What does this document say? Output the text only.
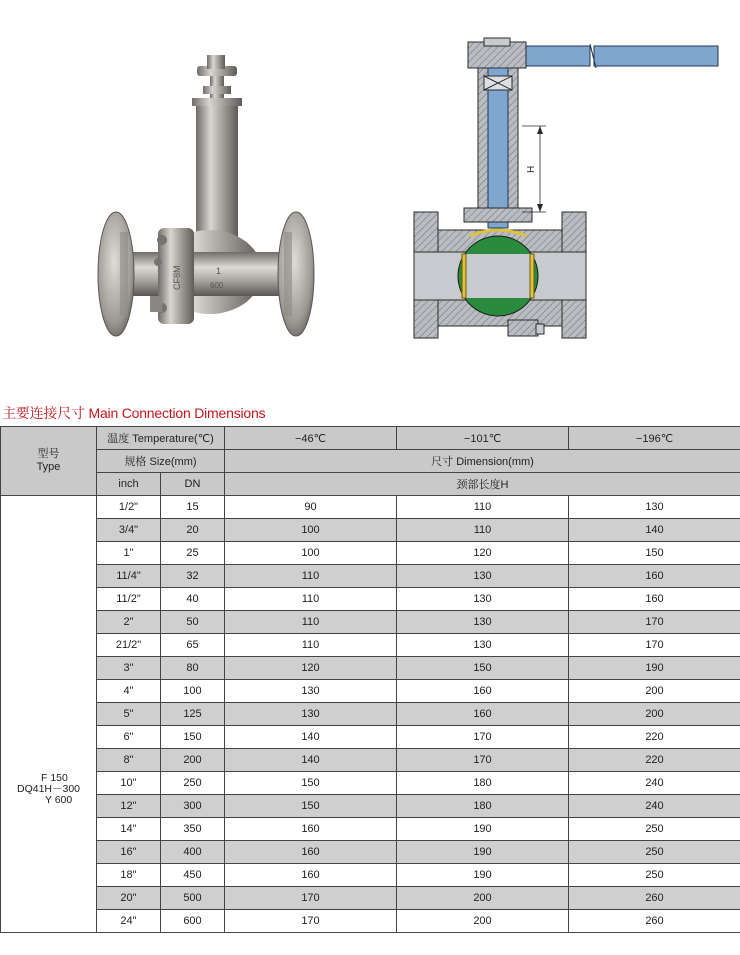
CF8M	1
600
H
主要连接尺寸 Main Connection Dimensions
型号
Type	温度 Temperature(℃)		−46℃	−101℃	−196℃
	规格 Size(mm)		尺寸 Dimension(mm)		
	inch	DN	颈部长度H		

F 150
DQ41H－300
Y 600	1/2"	15	90	110	130
	3/4"	20	100	110	140
	1"	25	100	120	150
	11/4"	32	110	130	160
	11/2"	40	110	130	160
	2"	50	110	130	170
	21/2"	65	110	130	170
	3"	80	120	150	190
	4"	100	130	160	200
	5"	125	130	160	200
	6"	150	140	170	220
	8"	200	140	170	220
	10"	250	150	180	240
	12"	300	150	180	240
	14"	350	160	190	250
	16"	400	160	190	250
	18"	450	160	190	250
	20"	500	170	200	260
	24"	600	170	200	260
